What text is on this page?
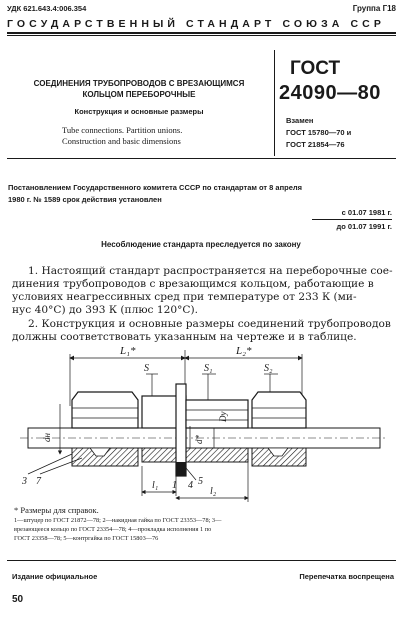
УДК 621.643.4:006.354	Группа Г18
ГОСУДАРСТВЕННЫЙ СТАНДАРТ СОЮЗА ССР
СОЕДИНЕНИЯ ТРУБОПРОВОДОВ С ВРЕЗАЮЩИМСЯ
КОЛЬЦОМ ПЕРЕБОРОЧНЫЕ
Конструкция и основные размеры
Tube connections. Partition unions.
Construction and basic dimensions
ГОСТ
24090—80
Взамен
ГОСТ 15780—70 и
ГОСТ 21854—76
Постановлением Государственного комитета СССР по стандартам от 8 апреля
1980 г. № 1589 срок действия установлен
с 01.07 1981 г.
до 01.07 1991 г.
Несоблюдение стандарта преследуется по закону
1. Настоящий стандарт распространяется на переборочные сое-
динения трубопроводов с врезающимся кольцом, работающие в
условиях неагрессивных сред при температуре от 233 К (ми-
нус 40°С) до 393 К (плюс 120°С).
2. Конструкция и основные размеры соединений трубопроводов
должны соответствовать указанным на чертеже и в таблице.
L₁*	L₂*
S	S₁	S₂
dн	d*
Dу
l₁
l₂
3 7	1 4 5
* Размеры для справок.
1—штуцер по ГОСТ 21872—78; 2—накидная гайка по ГОСТ 23353—78; 3—
врезающееся кольцо по ГОСТ 23354—78; 4—прокладка исполнения 1 по
ГОСТ 23358—78; 5—контргайка по ГОСТ 15803—76
Издание официальное	Перепечатка воспрещена
50
